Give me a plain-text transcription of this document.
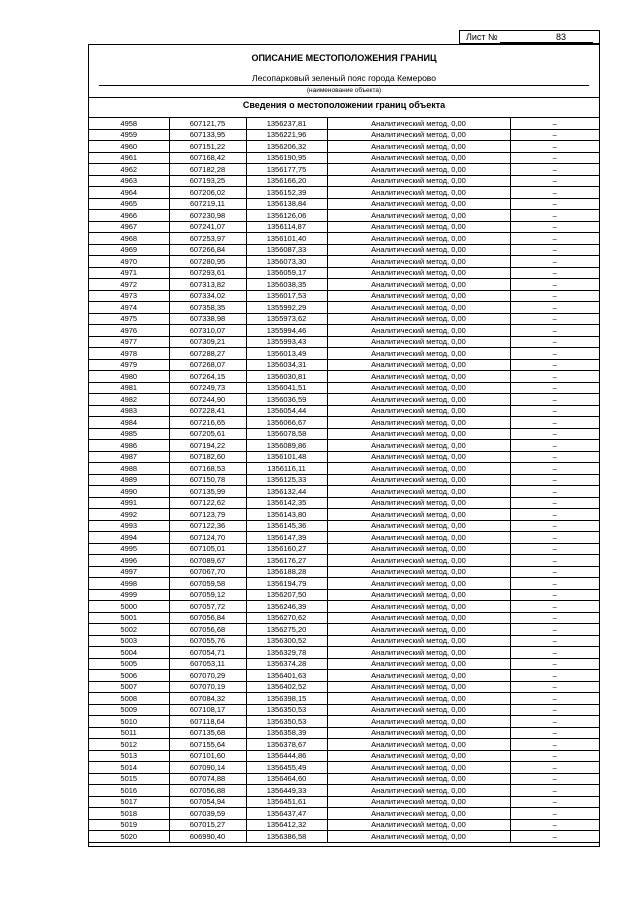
Лист №	83
ОПИСАНИЕ МЕСТОПОЛОЖЕНИЯ ГРАНИЦ
Лесопарковый зеленый пояс города Кемерово
(наименование объекта)
Сведения о местоположении границ объекта
4958	607121,75	1356237,81	Аналитический метод, 0,00	–
4959	607133,95	1356221,96	Аналитический метод, 0,00	–
4960	607151,22	1356206,32	Аналитический метод, 0,00	–
4961	607168,42	1356190,95	Аналитический метод, 0,00	–
4962	607182,28	1356177,75	Аналитический метод, 0,00	–
4963	607193,25	1356166,20	Аналитический метод, 0,00	–
4964	607206,02	1356152,39	Аналитический метод, 0,00	–
4965	607219,11	1356138,84	Аналитический метод, 0,00	–
4966	607230,98	1356126,06	Аналитический метод, 0,00	–
4967	607241,07	1356114,87	Аналитический метод, 0,00	–
4968	607253,97	1356101,40	Аналитический метод, 0,00	–
4969	607266,84	1356087,33	Аналитический метод, 0,00	–
4970	607280,95	1356073,30	Аналитический метод, 0,00	–
4971	607293,61	1356059,17	Аналитический метод, 0,00	–
4972	607313,82	1356038,35	Аналитический метод, 0,00	–
4973	607334,02	1356017,53	Аналитический метод, 0,00	–
4974	607358,35	1355992,29	Аналитический метод, 0,00	–
4975	607338,98	1355973,62	Аналитический метод, 0,00	–
4976	607310,07	1355994,46	Аналитический метод, 0,00	–
4977	607309,21	1355993,43	Аналитический метод, 0,00	–
4978	607288,27	1356013,49	Аналитический метод, 0,00	–
4979	607268,07	1356034,31	Аналитический метод, 0,00	–
4980	607264,15	1356030,81	Аналитический метод, 0,00	–
4981	607249,73	1356041,51	Аналитический метод, 0,00	–
4982	607244,90	1356036,59	Аналитический метод, 0,00	–
4983	607228,41	1356054,44	Аналитический метод, 0,00	–
4984	607216,65	1356066,67	Аналитический метод, 0,00	–
4985	607205,61	1356078,58	Аналитический метод, 0,00	–
4986	607194,22	1356089,86	Аналитический метод, 0,00	–
4987	607182,60	1356101,48	Аналитический метод, 0,00	–
4988	607168,53	1356116,11	Аналитический метод, 0,00	–
4989	607150,78	1356125,33	Аналитический метод, 0,00	–
4990	607135,99	1356132,44	Аналитический метод, 0,00	–
4991	607122,62	1356142,35	Аналитический метод, 0,00	–
4992	607123,79	1356143,80	Аналитический метод, 0,00	–
4993	607122,36	1356145,36	Аналитический метод, 0,00	–
4994	607124,70	1356147,39	Аналитический метод, 0,00	–
4995	607105,01	1356160,27	Аналитический метод, 0,00	–
4996	607089,67	1356176,27	Аналитический метод, 0,00	–
4997	607067,70	1356188,28	Аналитический метод, 0,00	–
4998	607059,58	1356194,79	Аналитический метод, 0,00	–
4999	607059,12	1356207,50	Аналитический метод, 0,00	–
5000	607057,72	1356246,39	Аналитический метод, 0,00	–
5001	607056,84	1356270,62	Аналитический метод, 0,00	–
5002	607056,68	1356275,20	Аналитический метод, 0,00	–
5003	607055,76	1356300,52	Аналитический метод, 0,00	–
5004	607054,71	1356329,78	Аналитический метод, 0,00	–
5005	607053,11	1356374,28	Аналитический метод, 0,00	–
5006	607070,29	1356401,63	Аналитический метод, 0,00	–
5007	607070,19	1356402,52	Аналитический метод, 0,00	–
5008	607084,32	1356398,15	Аналитический метод, 0,00	–
5009	607108,17	1356350,53	Аналитический метод, 0,00	–
5010	607118,64	1356350,53	Аналитический метод, 0,00	–
5011	607135,68	1356358,39	Аналитический метод, 0,00	–
5012	607155,64	1356378,67	Аналитический метод, 0,00	–
5013	607101,60	1356444,86	Аналитический метод, 0,00	–
5014	607090,14	1356455,49	Аналитический метод, 0,00	–
5015	607074,88	1356464,60	Аналитический метод, 0,00	–
5016	607056,88	1356449,33	Аналитический метод, 0,00	–
5017	607054,94	1356451,61	Аналитический метод, 0,00	–
5018	607039,59	1356437,47	Аналитический метод, 0,00	–
5019	607015,27	1356412,32	Аналитический метод, 0,00	–
5020	606990,40	1356386,58	Аналитический метод, 0,00	–
